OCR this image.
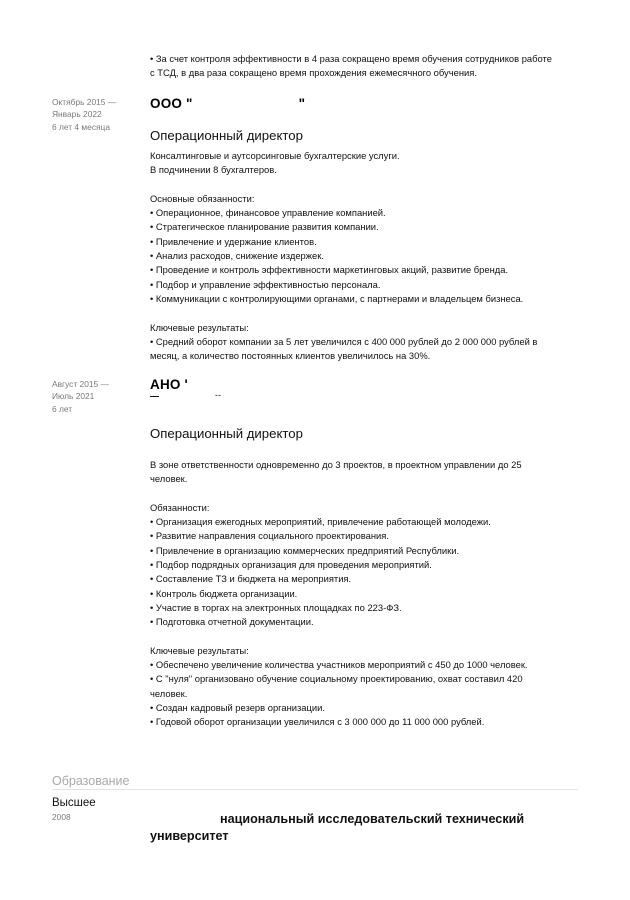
• За счет контроля эффективности в 4 раза сокращено время обучения сотрудников работе
с ТСД, в два раза сокращено время прохождения ежемесячного обучения.
Октябрь 2015 —
Январь 2022
6 лет 4 месяца
ООО "	"
Операционный директор
Консалтинговые и аутсорсинговые бухгалтерские услуги.
В подчинении 8 бухгалтеров.

Основные обязанности:
• Операционное, финансовое управление компанией.
• Стратегическое планирование развития компании.
• Привлечение и удержание клиентов.
• Анализ расходов, снижение издержек.
• Проведение и контроль эффективности маркетинговых акций, развитие бренда.
• Подбор и управление эффективностью персонала.
• Коммуникации с контролирующими органами, с партнерами и владельцем бизнеса.

Ключевые результаты:
• Средний оборот компании за 5 лет увеличился с 400 000 рублей до 2 000 000 рублей в
месяц, а количество постоянных клиентов увеличилось на 30%.
Август 2015 —
Июль 2021
6 лет
АНО '
--
Операционный директор
В зоне ответственности одновременно до 3 проектов, в проектном управлении до 25
человек.

Обязанности:
• Организация ежегодных мероприятий, привлечение работающей молодежи.
• Развитие направления социального проектирования.
• Привлечение в организацию коммерческих предприятий Республики.
• Подбор подрядных организация для проведения мероприятий.
• Составление ТЗ и бюджета на мероприятия.
• Контроль бюджета организации.
• Участие в торгах на электронных площадках по 223-ФЗ.
• Подготовка отчетной документации.

Ключевые результаты:
• Обеспечено увеличение количества участников мероприятий с 450 до 1000 человек.
• С "нуля" организовано обучение социальному проектированию, охват составил 420
человек.
• Создан кадровый резерв организации.
• Годовой оборот организации увеличился с 3 000 000 до 11 000 000 рублей.
Образование
Высшее
2008	национальный исследовательский технический
университет
